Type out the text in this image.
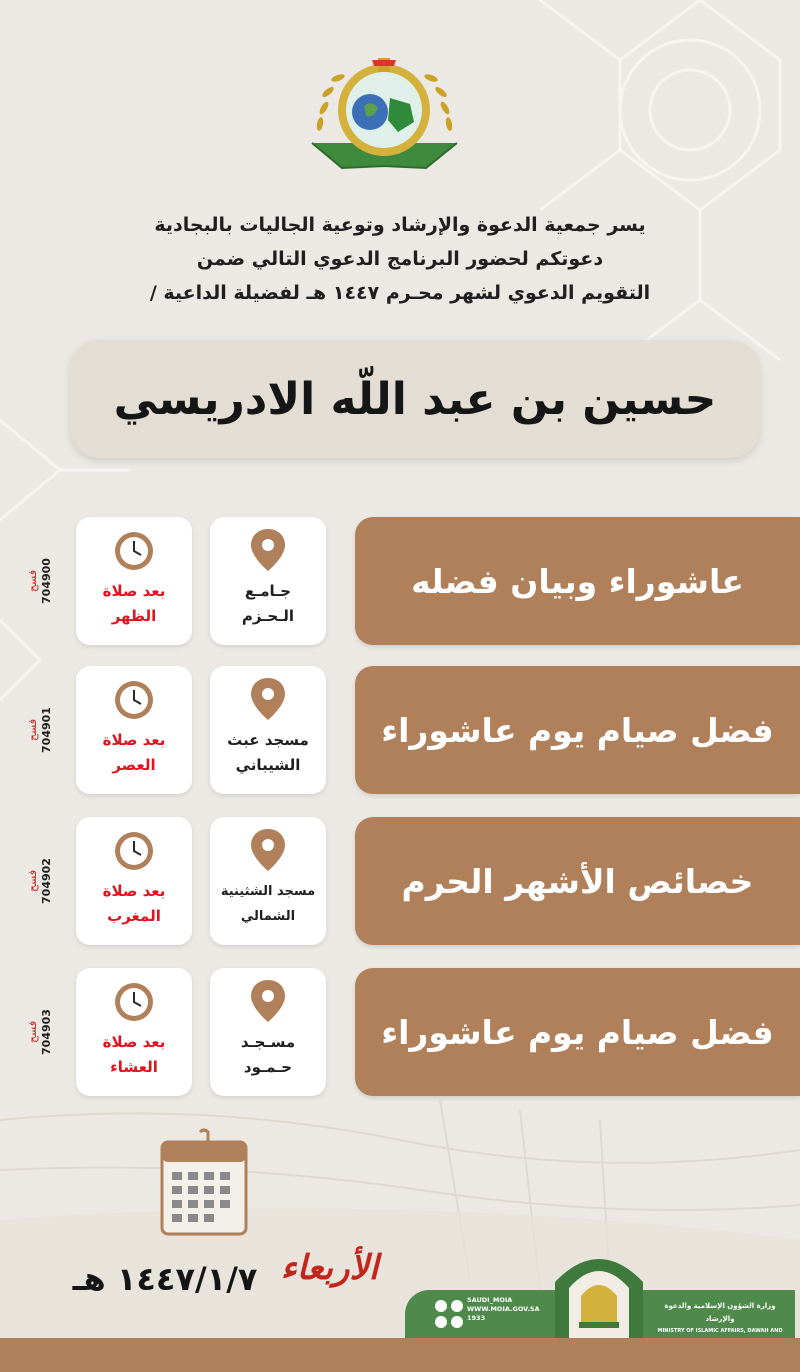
يسر جمعية الدعوة والإرشاد وتوعية الجاليات بالبجادية
دعوتكم لحضور البرنامج الدعوي التالي ضمن
التقويم الدعوي لشهر محـرم ١٤٤٧ هـ لفضيلة الداعية /
حسين بن عبد اللّه الادريسي
عاشوراء وبيان فضله
جـامـع
الـحـزم
بعد صلاة
الظهر
فسح 704900
فضل صيام يوم عاشوراء
مسجد عبث
الشيباني
بعد صلاة
العصر
فسح 704901
خصائص الأشهر الحرم
مسجد الشثينية
الشمالي
بعد صلاة
المغرب
فسح 704902
فضل صيام يوم عاشوراء
مسـجـد
حـمـود
بعد صلاة
العشاء
فسح 704903
١٤٤٧/١/٧ هـ الأربعاء
SAUDI_MOIA
WWW.MOIA.GOV.SA
1933
وزارة الشؤون الإسلامية والدعوة والإرشاد
MINISTRY OF ISLAMIC AFFAIRS, DAWAH AND
